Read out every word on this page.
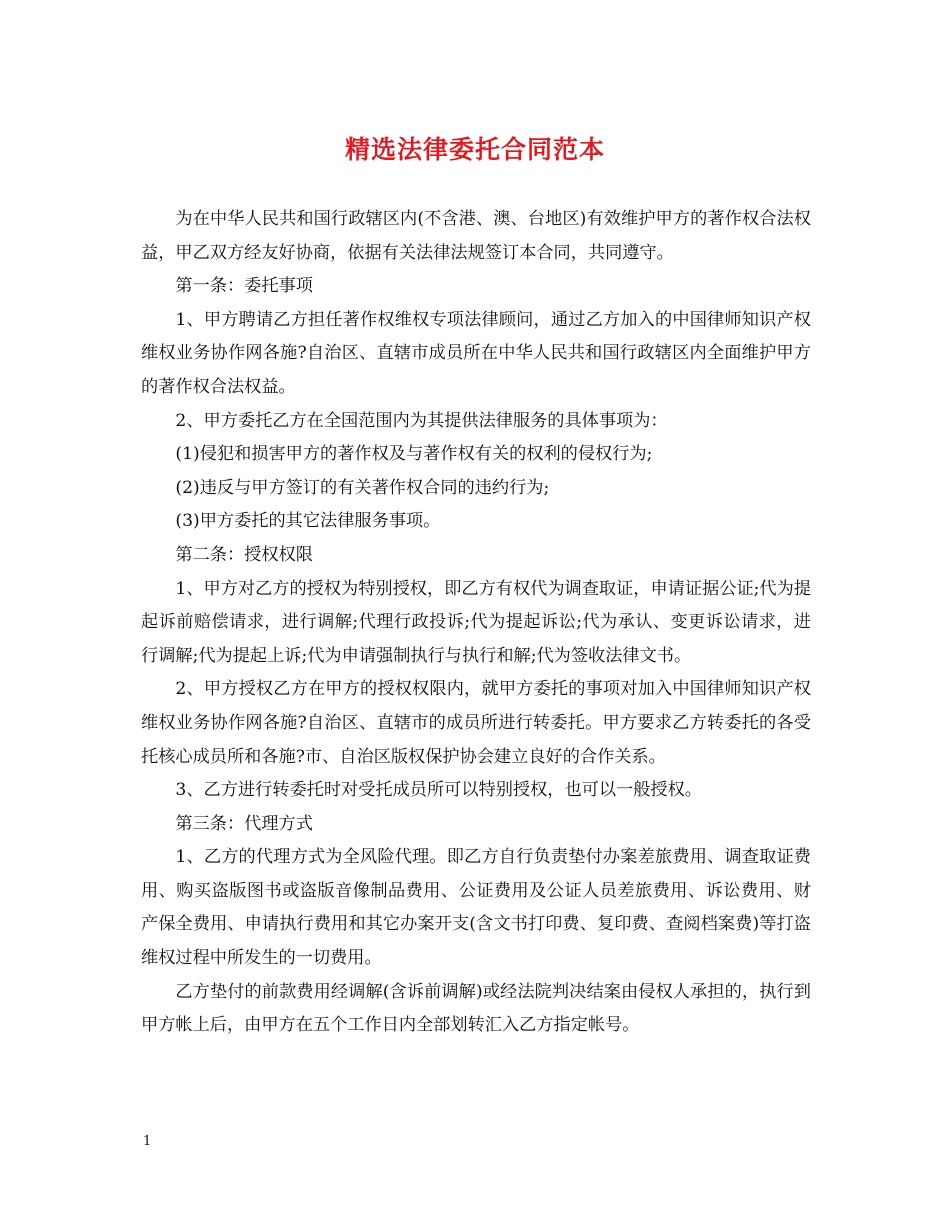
精选法律委托合同范本

为在中华人民共和国行政辖区内(不含港、澳、台地区)有效维护甲方的著作权合法权益，甲乙双方经友好协商，依据有关法律法规签订本合同，共同遵守。

第一条：委托事项

1、甲方聘请乙方担任著作权维权专项法律顾问，通过乙方加入的中国律师知识产权维权业务协作网各施?自治区、直辖市成员所在中华人民共和国行政辖区内全面维护甲方的著作权合法权益。

2、甲方委托乙方在全国范围内为其提供法律服务的具体事项为：

(1)侵犯和损害甲方的著作权及与著作权有关的权利的侵权行为;

(2)违反与甲方签订的有关著作权合同的违约行为;

(3)甲方委托的其它法律服务事项。

第二条：授权权限

1、甲方对乙方的授权为特别授权，即乙方有权代为调查取证，申请证据公证;代为提起诉前赔偿请求，进行调解;代理行政投诉;代为提起诉讼;代为承认、变更诉讼请求，进行调解;代为提起上诉;代为申请强制执行与执行和解;代为签收法律文书。

2、甲方授权乙方在甲方的授权权限内，就甲方委托的事项对加入中国律师知识产权维权业务协作网各施?自治区、直辖市的成员所进行转委托。甲方要求乙方转委托的各受托核心成员所和各施?市、自治区版权保护协会建立良好的合作关系。

3、乙方进行转委托时对受托成员所可以特别授权，也可以一般授权。

第三条：代理方式

1、乙方的代理方式为全风险代理。即乙方自行负责垫付办案差旅费用、调查取证费用、购买盗版图书或盗版音像制品费用、公证费用及公证人员差旅费用、诉讼费用、财产保全费用、申请执行费用和其它办案开支(含文书打印费、复印费、查阅档案费)等打盗维权过程中所发生的一切费用。

乙方垫付的前款费用经调解(含诉前调解)或经法院判决结案由侵权人承担的，执行到甲方帐上后，由甲方在五个工作日内全部划转汇入乙方指定帐号。

1
